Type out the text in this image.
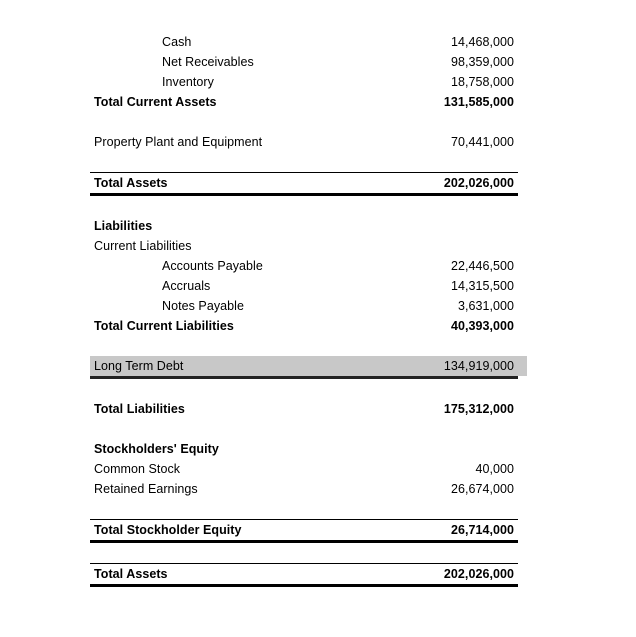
Cash	14,468,000
Net Receivables	98,359,000
Inventory	18,758,000
Total Current Assets	131,585,000
Property Plant and Equipment	70,441,000
Total Assets	202,026,000
Liabilities
Current Liabilities
Accounts Payable	22,446,500
Accruals	14,315,500
Notes Payable	3,631,000
Total Current Liabilities	40,393,000
Long Term Debt	134,919,000
Total Liabilities	175,312,000
Stockholders' Equity
Common Stock	40,000
Retained Earnings	26,674,000
Total Stockholder Equity	26,714,000
Total Assets	202,026,000
